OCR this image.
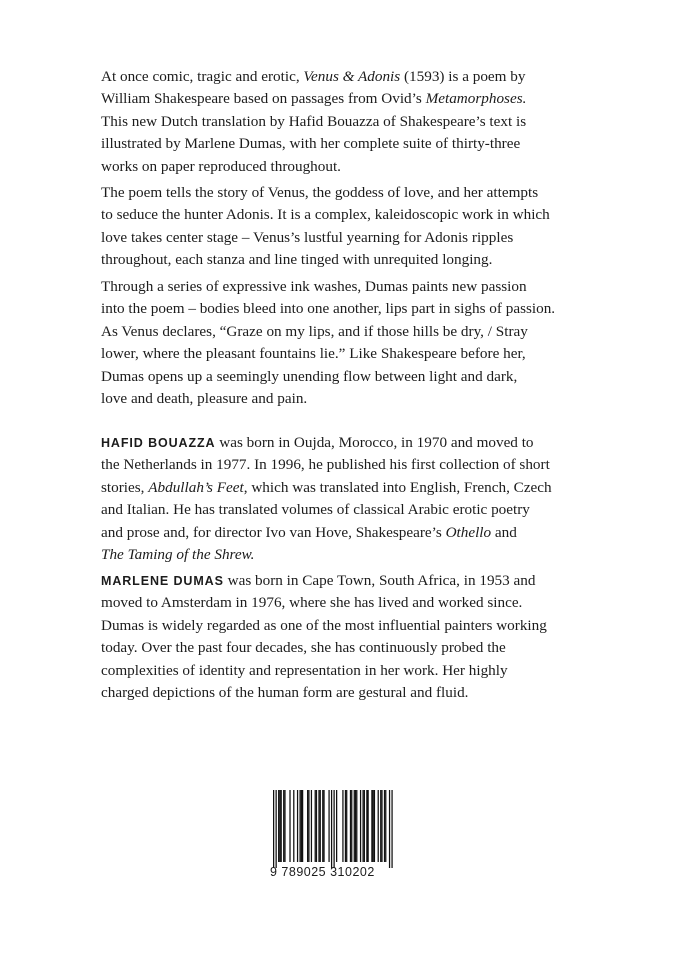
At once comic, tragic and erotic, Venus & Adonis (1593) is a poem by
William Shakespeare based on passages from Ovid’s Metamorphoses.
This new Dutch translation by Hafid Bouazza of Shakespeare’s text is
illustrated by Marlene Dumas, with her complete suite of thirty-three
works on paper reproduced throughout.

The poem tells the story of Venus, the goddess of love, and her attempts
to seduce the hunter Adonis. It is a complex, kaleidoscopic work in which
love takes center stage – Venus’s lustful yearning for Adonis ripples
throughout, each stanza and line tinged with unrequited longing.

Through a series of expressive ink washes, Dumas paints new passion
into the poem – bodies bleed into one another, lips part in sighs of passion.
As Venus declares, “Graze on my lips, and if those hills be dry, / Stray
lower, where the pleasant fountains lie.” Like Shakespeare before her,
Dumas opens up a seemingly unending flow between light and dark,
love and death, pleasure and pain.

HAFID BOUAZZA was born in Oujda, Morocco, in 1970 and moved to
the Netherlands in 1977. In 1996, he published his first collection of short
stories, Abdullah’s Feet, which was translated into English, French, Czech
and Italian. He has translated volumes of classical Arabic erotic poetry
and prose and, for director Ivo van Hove, Shakespeare’s Othello and
The Taming of the Shrew.

MARLENE DUMAS was born in Cape Town, South Africa, in 1953 and
moved to Amsterdam in 1976, where she has lived and worked since.
Dumas is widely regarded as one of the most influential painters working
today. Over the past four decades, she has continuously probed the
complexities of identity and representation in her work. Her highly
charged depictions of the human form are gestural and fluid.

9 789025 310202
